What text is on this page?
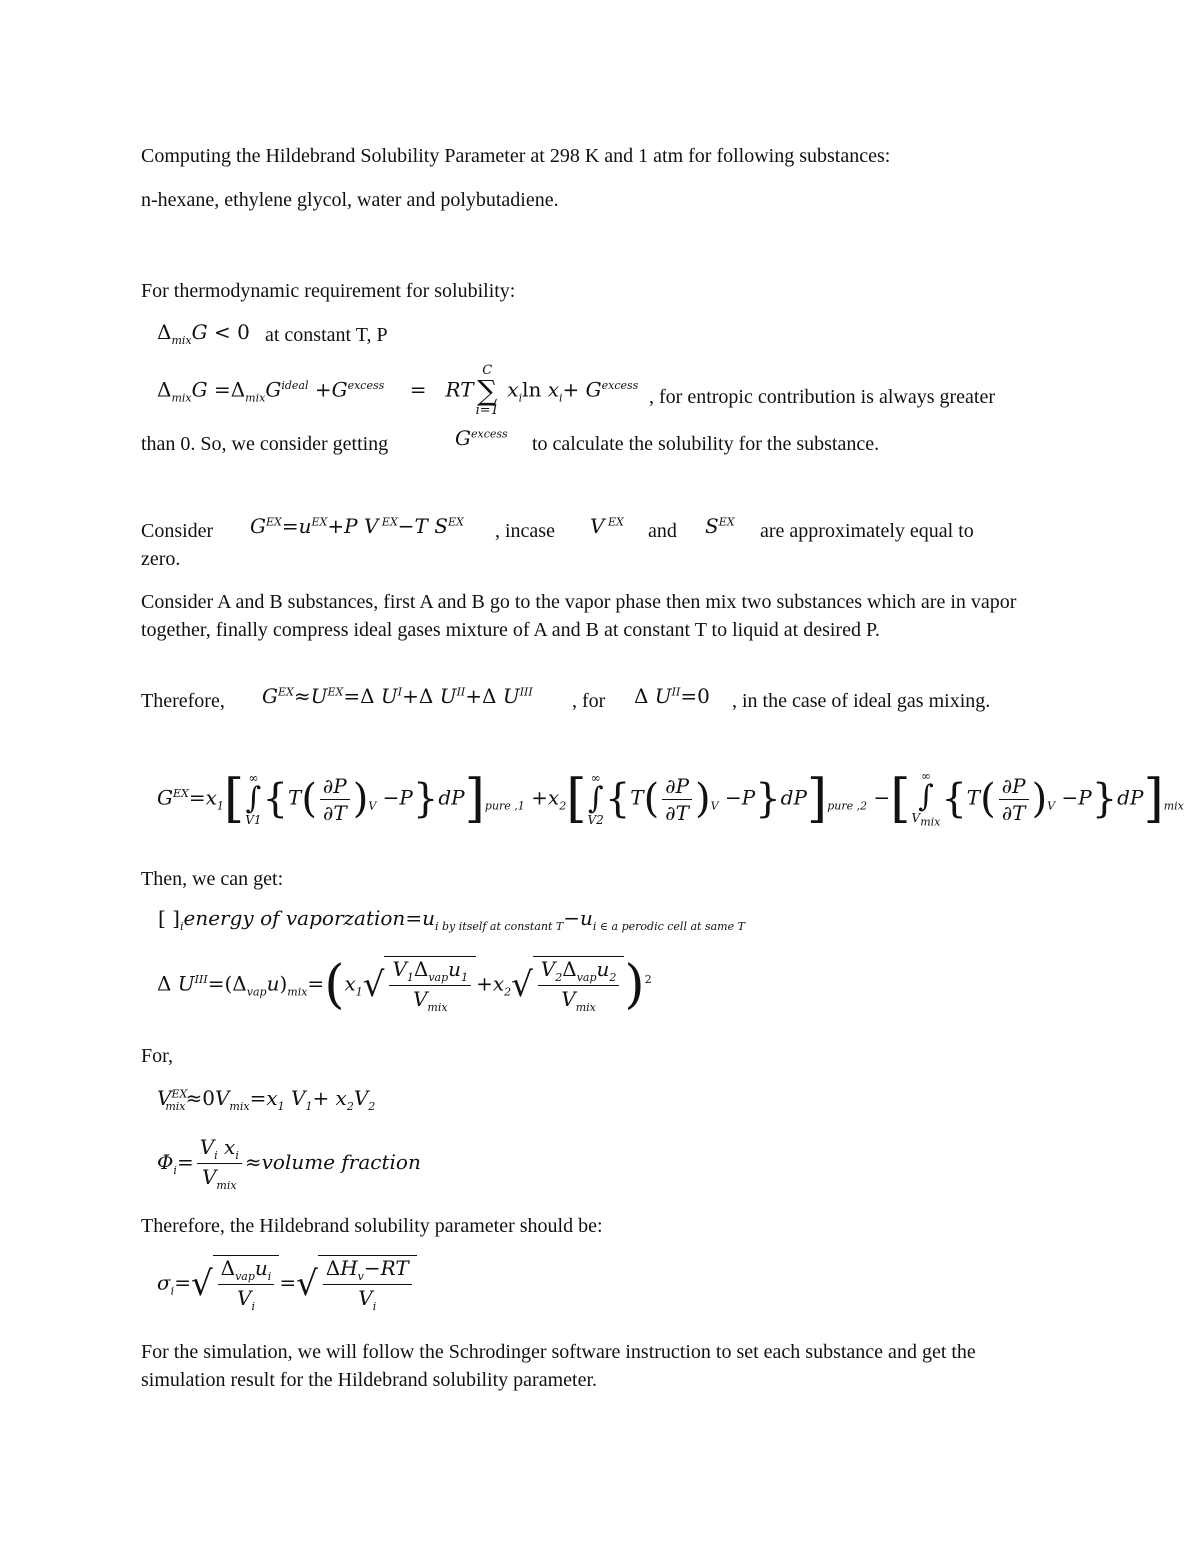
Computing the Hildebrand Solubility Parameter at 298 K and 1 atm for following substances:
n-hexane, ethylene glycol, water and polybutadiene.
For thermodynamic requirement for solubility:
$\Delta_{mix}G < 0$ at constant T, P
$\Delta_{mix}G =\Delta_{mix}G^{ideal} +G^{excess}$ =   RT
C
∑
i=1
$x_i\ln$ $x_i+ G^{excess}$
, for entropic contribution is always greater
than 0. So, we consider getting	$G^{excess}$ to calculate the solubility for the substance.
Consider $G^{EX}=u^{EX}+P$ V $^{EX}$−T $S^{EX}$ , incase V $^{EX}$ and $S^{EX}$ are approximately equal to
zero.
Consider A and B substances, first A and B go to the vapor phase then mix two substances which are in vapor together, finally compress ideal gases mixture of A and B at constant T to liquid at desired P.
Therefore, $G^{EX}\approx U^{EX}=\Delta$ $U^I+\Delta$ $U^{II}+\Delta$ $U^{III}$ , for Δ $U^{II}=0$ , in the case of ideal gas mixing.
$G^{EX}=x_1$[ ∞
∫
V1 $\{T( \frac{\partial P}{\partial T} )_V -P\}dP]_{pure ,1} +x_2$[ ∞
∫
V2 $\{T( \frac{\partial P}{\partial T} )_V -P\}dP]_{pure ,2}$ −[ ∞
∫
$V_{mix}$ $\{T( \frac{\partial P}{\partial T} )_V -P\}dP]_{mix}$
Then, we can get:
[ ]$_ienergy$ of $vaporzation=u_{i by itself at constant T}-u_{i \in a perodic cell at same T}$
Δ $U^{III}=(\Delta_{vap}u)_{mix}=(x_1√ \frac{V_1\Delta_{vap}u_1}{V_{mix}} +x_2√ \frac{V_2\Delta_{vap}u_2}{V_{mix}} )^2$
For,
$V^{EX}_{mix}\approx 0V_{mix}=x_1$ $V_1+ x_2V_2$
$\Phi_i= \frac{V_i x_i}{V_{mix}}$ ≈volume fraction
Therefore, the Hildebrand solubility parameter should be:
$\sigma_i=√ \frac{\Delta_{vap}u_i}{V_i}$ =√ $\frac{\Delta H_v-RT}{V_i}$
For the simulation, we will follow the Schrodinger software instruction to set each substance and get the simulation result for the Hildebrand solubility parameter.
